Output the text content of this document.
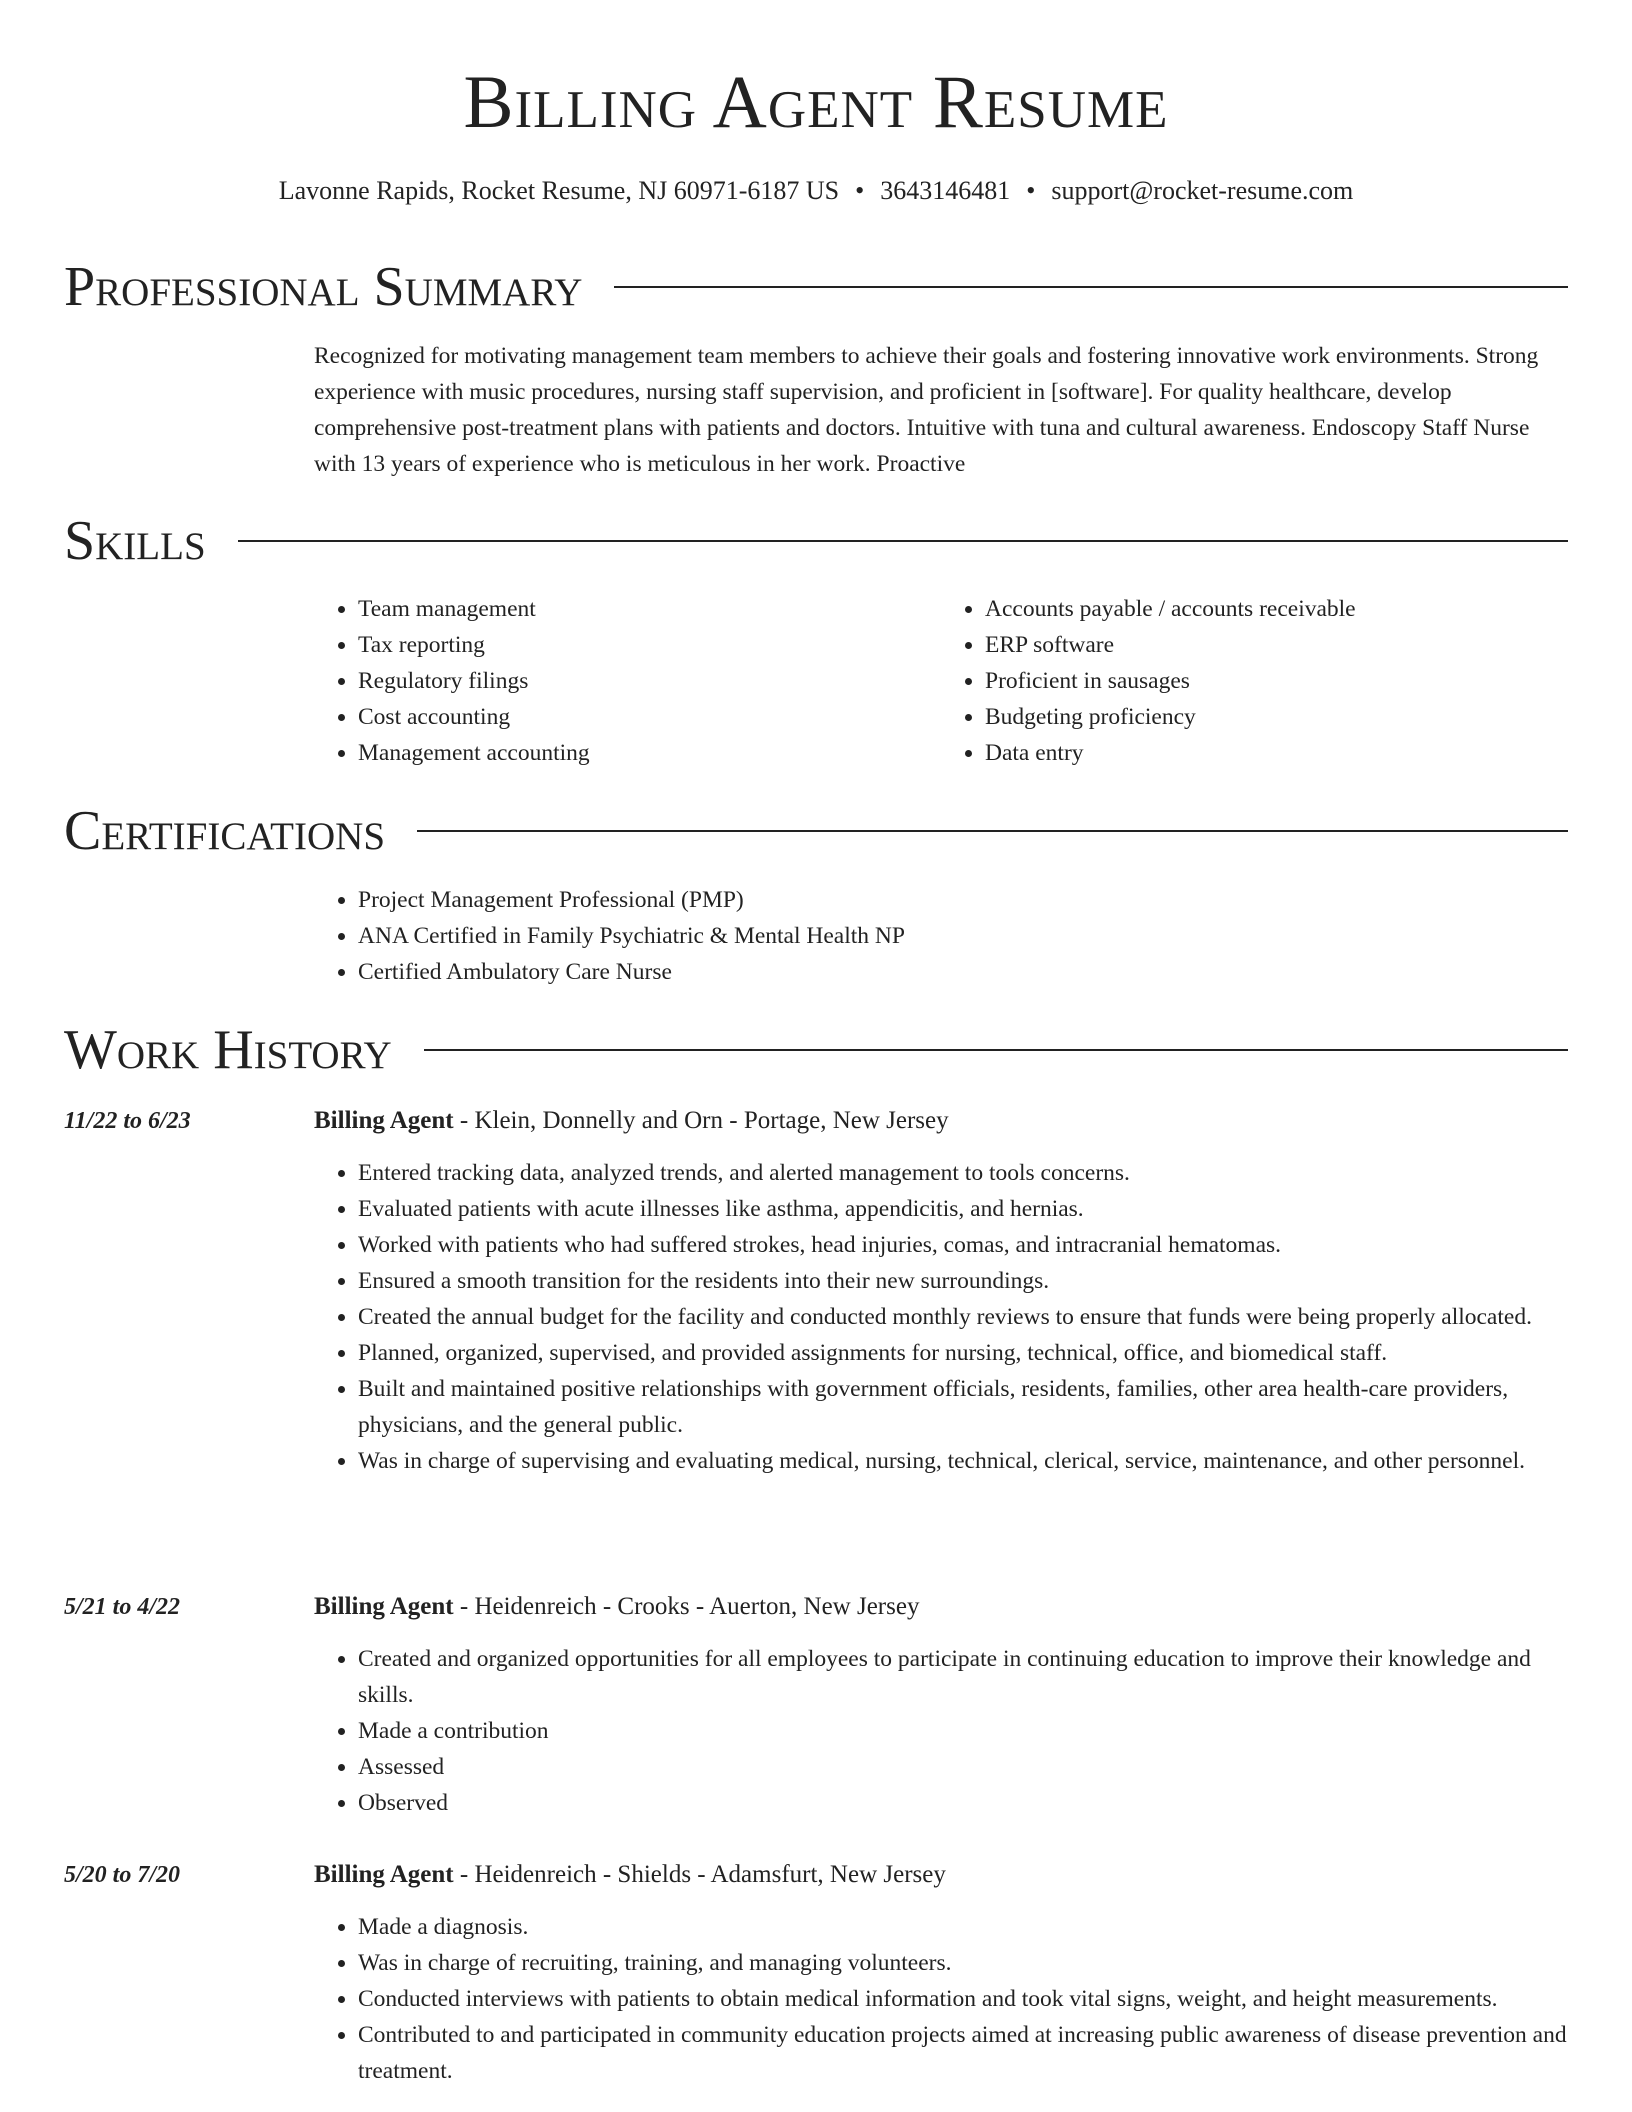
Billing Agent Resume
Lavonne Rapids, Rocket Resume, NJ 60971-6187 US • 3643146481 • support@rocket-resume.com
Professional Summary
Recognized for motivating management team members to achieve their goals and fostering innovative work environments. Strong experience with music procedures, nursing staff supervision, and proficient in [software]. For quality healthcare, develop comprehensive post-treatment plans with patients and doctors. Intuitive with tuna and cultural awareness. Endoscopy Staff Nurse with 13 years of experience who is meticulous in her work. Proactive
Skills
• Team management
• Tax reporting
• Regulatory filings
• Cost accounting
• Management accounting
• Accounts payable / accounts receivable
• ERP software
• Proficient in sausages
• Budgeting proficiency
• Data entry
Certifications
• Project Management Professional (PMP)
• ANA Certified in Family Psychiatric & Mental Health NP
• Certified Ambulatory Care Nurse
Work History
11/22 to 6/23	Billing Agent - Klein, Donnelly and Orn - Portage, New Jersey
• Entered tracking data, analyzed trends, and alerted management to tools concerns.
• Evaluated patients with acute illnesses like asthma, appendicitis, and hernias.
• Worked with patients who had suffered strokes, head injuries, comas, and intracranial hematomas.
• Ensured a smooth transition for the residents into their new surroundings.
• Created the annual budget for the facility and conducted monthly reviews to ensure that funds were being properly allocated.
• Planned, organized, supervised, and provided assignments for nursing, technical, office, and biomedical staff.
• Built and maintained positive relationships with government officials, residents, families, other area health-care providers, physicians, and the general public.
• Was in charge of supervising and evaluating medical, nursing, technical, clerical, service, maintenance, and other personnel.
5/21 to 4/22	Billing Agent - Heidenreich - Crooks - Auerton, New Jersey
• Created and organized opportunities for all employees to participate in continuing education to improve their knowledge and skills.
• Made a contribution
• Assessed
• Observed
5/20 to 7/20	Billing Agent - Heidenreich - Shields - Adamsfurt, New Jersey
• Made a diagnosis.
• Was in charge of recruiting, training, and managing volunteers.
• Conducted interviews with patients to obtain medical information and took vital signs, weight, and height measurements.
• Contributed to and participated in community education projects aimed at increasing public awareness of disease prevention and treatment.
